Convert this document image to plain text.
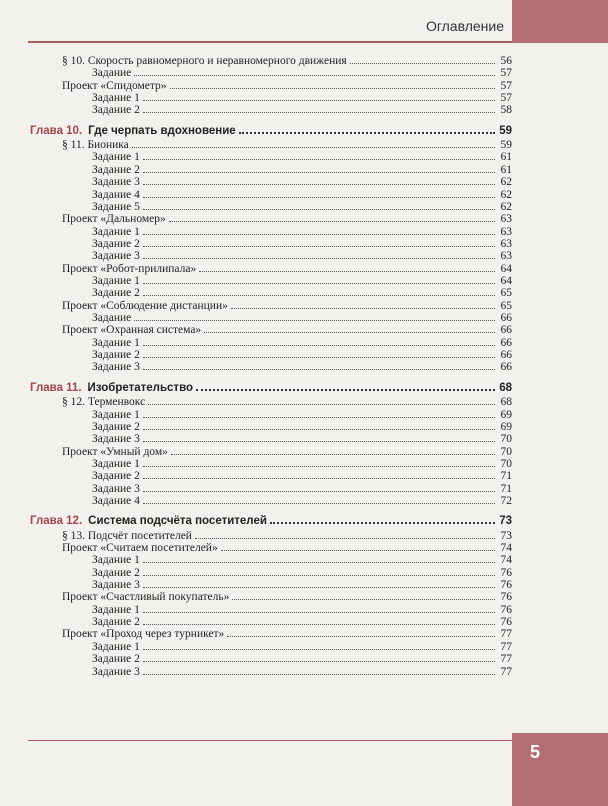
Оглавление
§ 10. Скорость равномерного и неравномерного движения	56
Задание	57
Проект «Спидометр»	57
Задание 1	57
Задание 2	58
Глава 10. Где черпать вдохновение	59
§ 11. Бионика	59
Задание 1	61
Задание 2	61
Задание 3	62
Задание 4	62
Задание 5	62
Проект «Дальномер»	63
Задание 1	63
Задание 2	63
Задание 3	63
Проект «Робот-прилипала»	64
Задание 1	64
Задание 2	65
Проект «Соблюдение дистанции»	65
Задание	66
Проект «Охранная система»	66
Задание 1	66
Задание 2	66
Задание 3	66
Глава 11. Изобретательство	68
§ 12. Терменвокс	68
Задание 1	69
Задание 2	69
Задание 3	70
Проект «Умный дом»	70
Задание 1	70
Задание 2	71
Задание 3	71
Задание 4	72
Глава 12. Система подсчёта посетителей	73
§ 13. Подсчёт посетителей	73
Проект «Считаем посетителей»	74
Задание 1	74
Задание 2	76
Задание 3	76
Проект «Счастливый покупатель»	76
Задание 1	76
Задание 2	76
Проект «Проход через турникет»	77
Задание 1	77
Задание 2	77
Задание 3	77
5
